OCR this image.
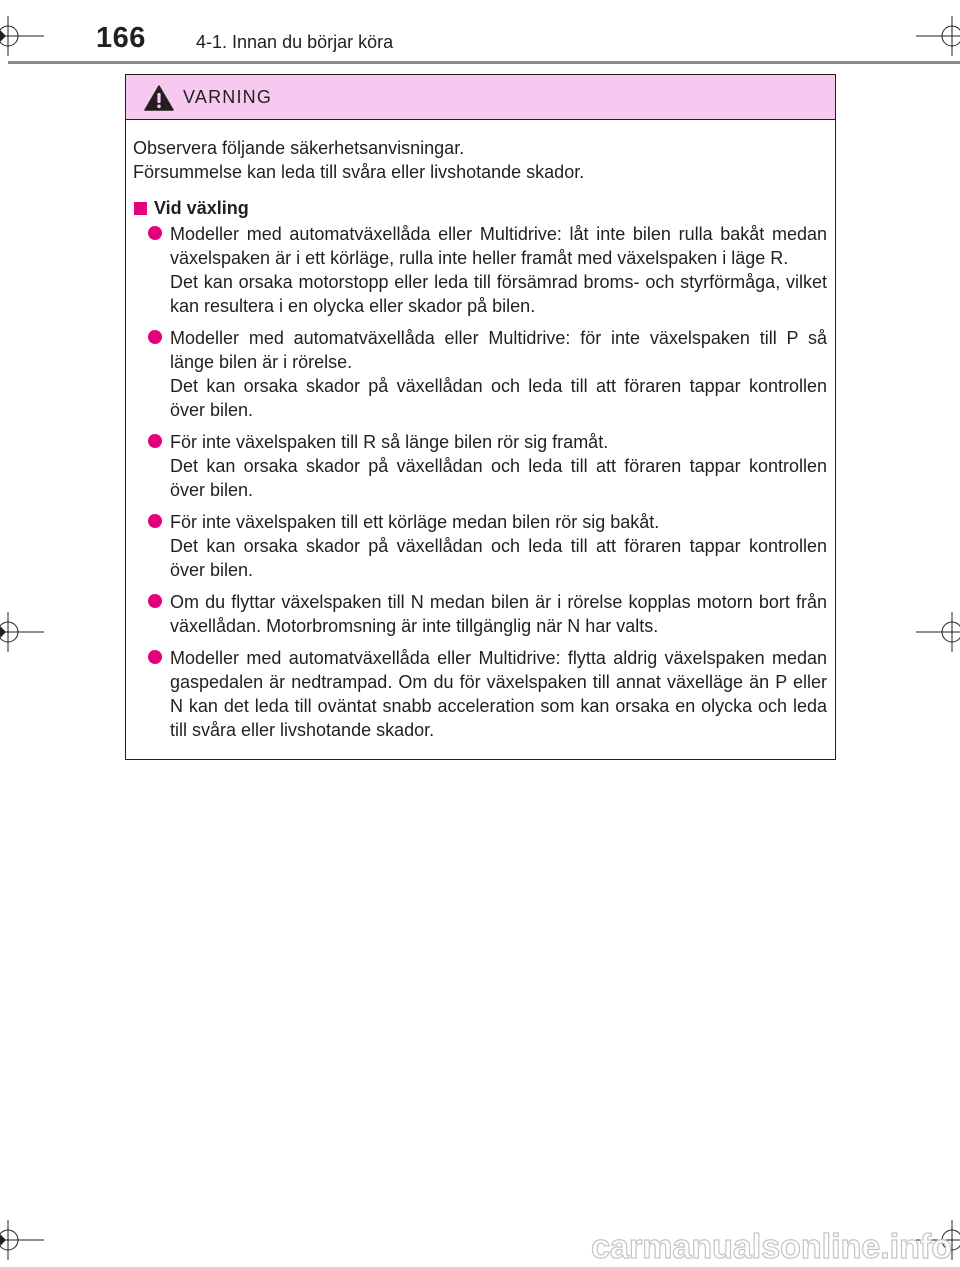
166	4-1. Innan du börjar köra
VARNING

Observera följande säkerhetsanvisningar.
Försummelse kan leda till svåra eller livshotande skador.

Vid växling

Modeller med automatväxellåda eller Multidrive: låt inte bilen rulla bakåt medan växelspaken är i ett körläge, rulla inte heller framåt med växelspaken i läge R.

Det kan orsaka motorstopp eller leda till försämrad broms- och styrförmåga, vilket kan resultera i en olycka eller skador på bilen.

Modeller med automatväxellåda eller Multidrive: för inte växelspaken till P så länge bilen är i rörelse.

Det kan orsaka skador på växellådan och leda till att föraren tappar kontrollen över bilen.

För inte växelspaken till R så länge bilen rör sig framåt.

Det kan orsaka skador på växellådan och leda till att föraren tappar kontrollen över bilen.

För inte växelspaken till ett körläge medan bilen rör sig bakåt.

Det kan orsaka skador på växellådan och leda till att föraren tappar kontrollen över bilen.

Om du flyttar växelspaken till N medan bilen är i rörelse kopplas motorn bort från växellådan. Motorbromsning är inte tillgänglig när N har valts.

Modeller med automatväxellåda eller Multidrive: flytta aldrig växelspaken medan gaspedalen är nedtrampad. Om du för växelspaken till annat växelläge än P eller N kan det leda till oväntat snabb acceleration som kan orsaka en olycka och leda till svåra eller livshotande skador.

carmanualsonline.info
